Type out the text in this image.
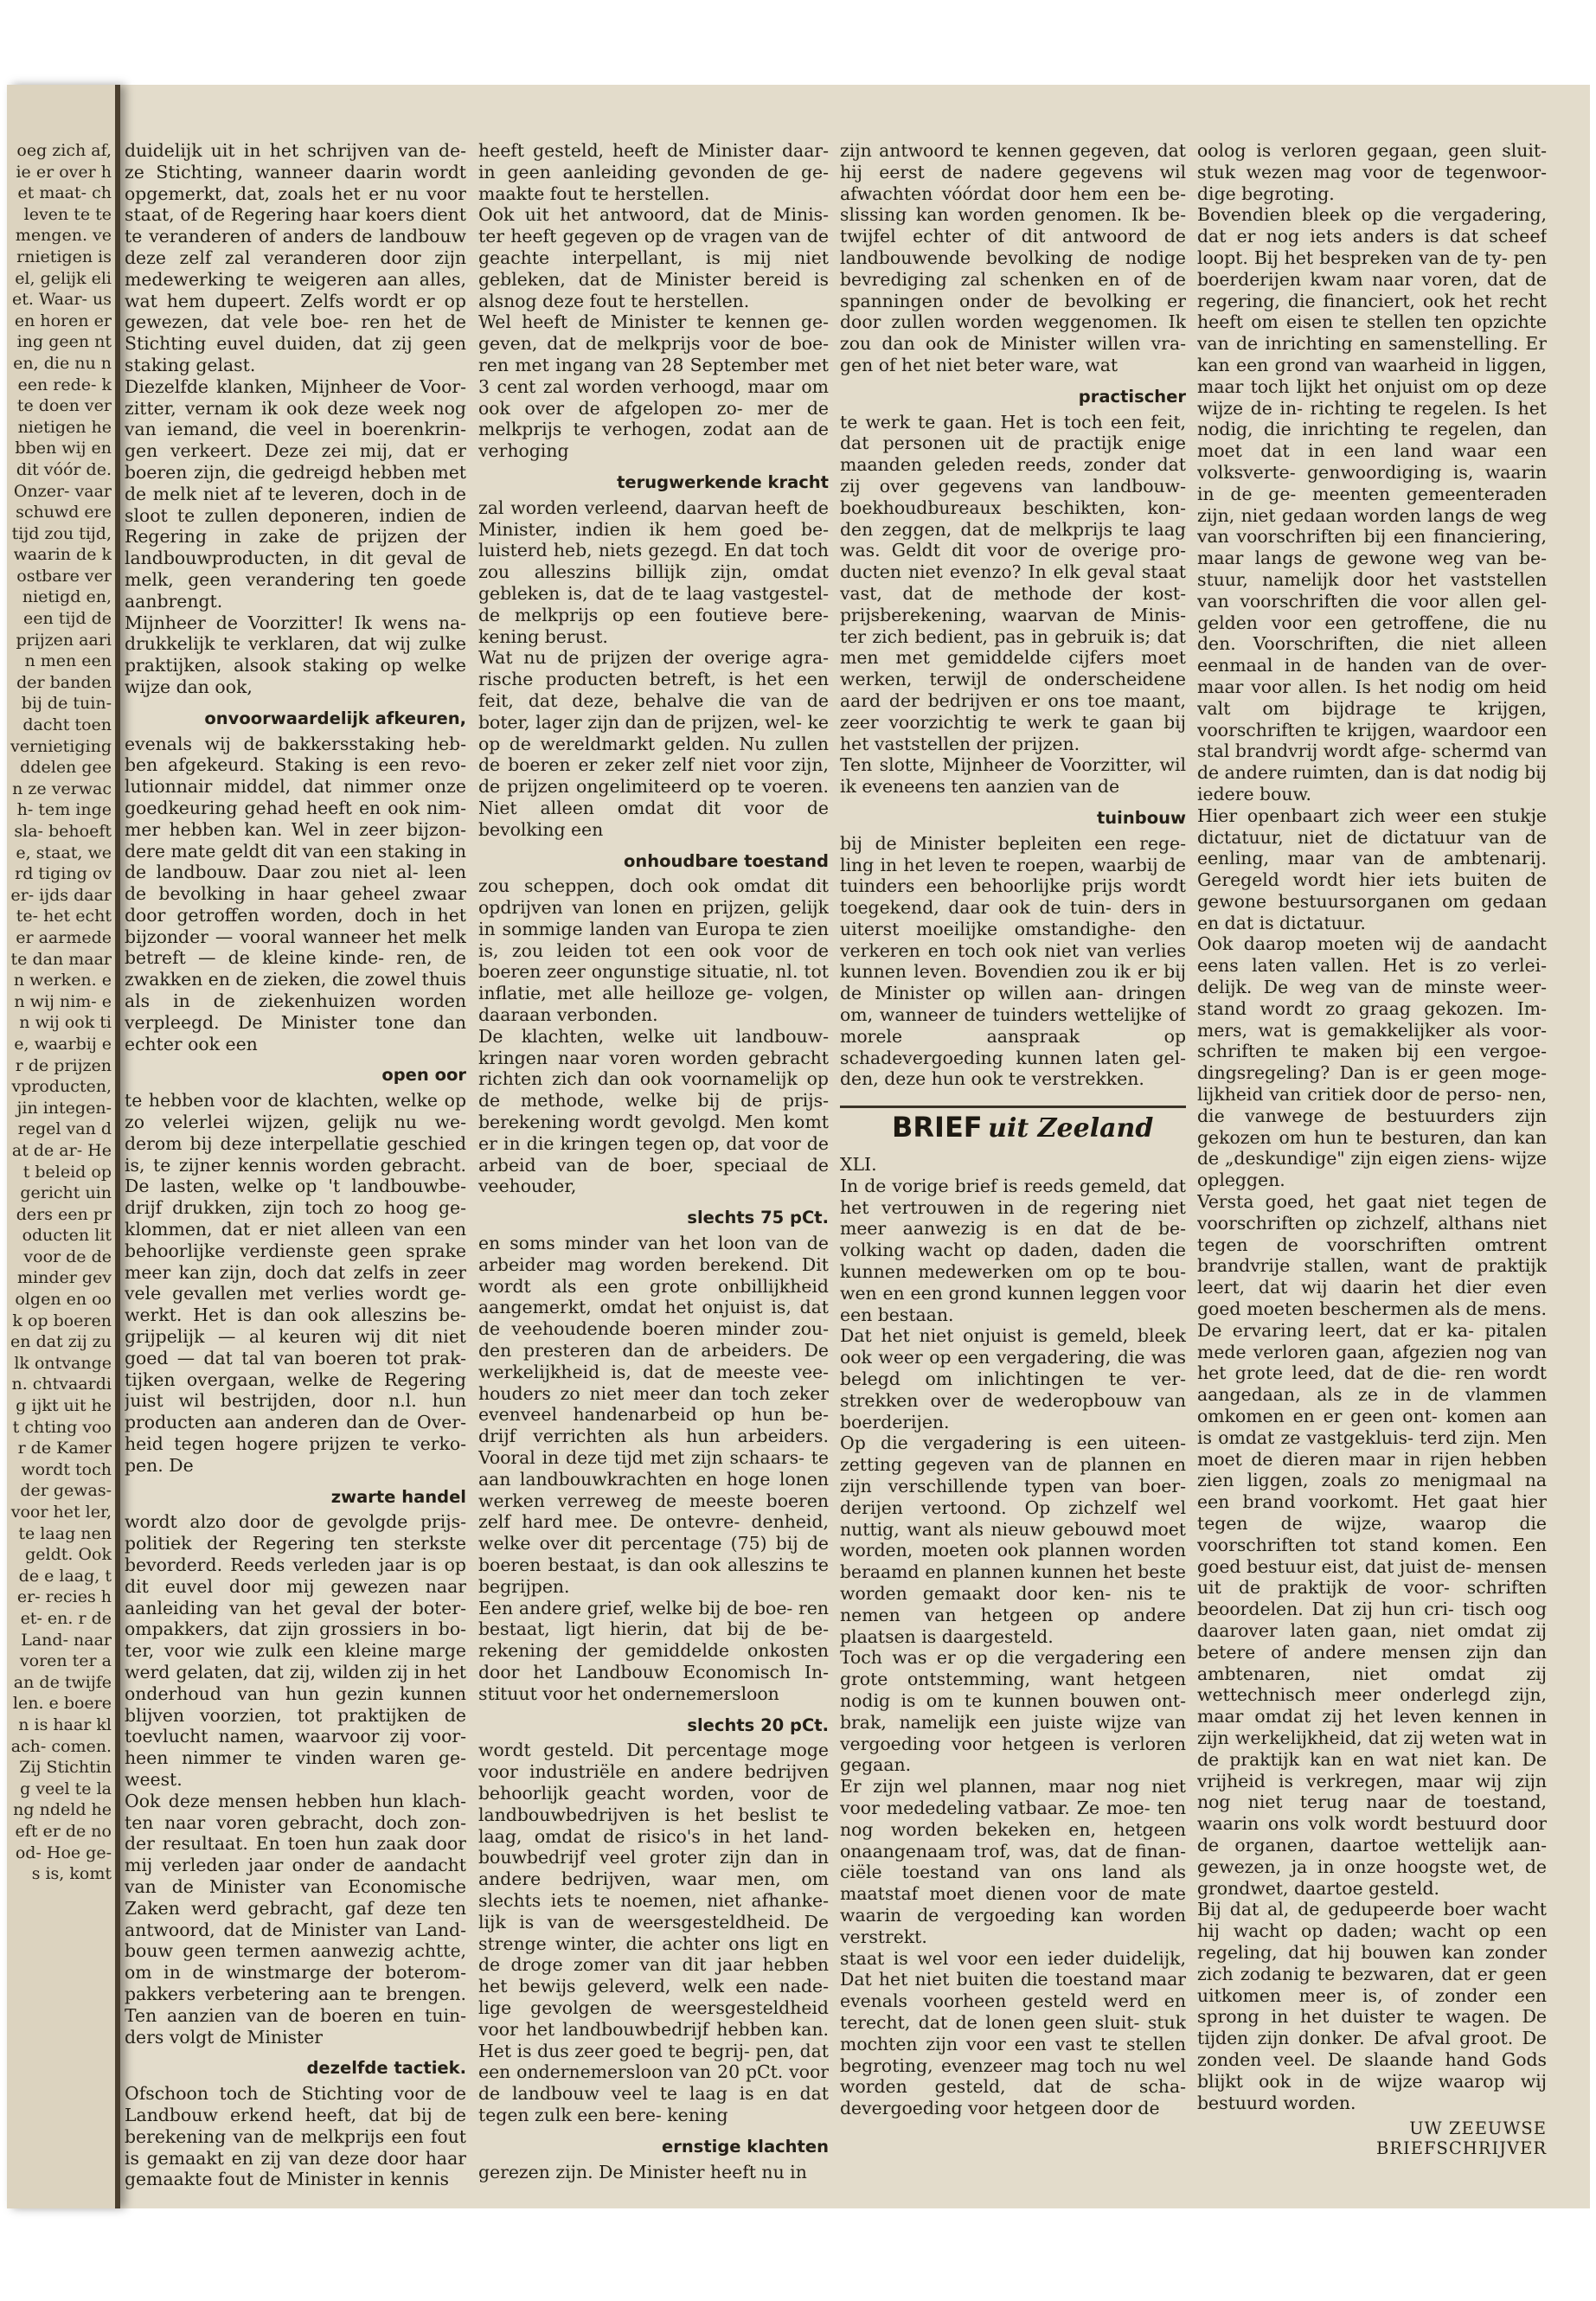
oeg zich af, ie er over het maat- ch leven te te mengen. vernietigen isel, gelijk eliet. Waar- usen horen ering geen nten, die nu n een rede- k te doen vernietigen hebben wij en dit vóór de. Onzer- vaarschuwd ere tijd zou tijd, waarin de kostbare vernietigd en, een tijd de prijzen aarin men een der banden bij de tuin- dacht toen vernietiging ddelen geen ze verwach- tem ingesla- behoefte, staat, werd tiging over- ijds daarte- het echter aarmede te dan maar n werken. en wij nim- en wij ook tie, waarbij er de prijzen vproducten, jin integen- regel van dat de ar- Het beleid op gericht uinders een producten lit voor de de minder gevolgen en ook op boeren en dat zij zulk ontvangen. chtvaardig ijkt uit het chting voor de Kamer wordt toch der gewas- voor het ler, te laag nen geldt. Ook de e laag, ter- recies het- en. r de Land- naar voren ter aan de twijfelen. e boeren is haar klach- comen. Zij Stichting veel te lang ndeld heeft er de nood- Hoe ge- s is, komt

duidelijk uit in het schrijven van de- ze Stichting, wanneer daarin wordt opgemerkt, dat, zoals het er nu voor staat, of de Regering haar koers dient te veranderen of anders de landbouw deze zelf zal veranderen door zijn medewerking te weigeren aan alles, wat hem dupeert. Zelfs wordt er op gewezen, dat vele boe- ren het de Stichting euvel duiden, dat zij geen staking gelast.

Diezelfde klanken, Mijnheer de Voor- zitter, vernam ik ook deze week nog van iemand, die veel in boerenkrin- gen verkeert. Deze zei mij, dat er boeren zijn, die gedreigd hebben met de melk niet af te leveren, doch in de sloot te zullen deponeren, indien de Regering in zake de prijzen der landbouwproducten, in dit geval de melk, geen verandering ten goede aanbrengt.

Mijnheer de Voorzitter! Ik wens na- drukkelijk te verklaren, dat wij zulke praktijken, alsook staking op welke wijze dan ook,

onvoorwaardelijk afkeuren,

evenals wij de bakkersstaking heb- ben afgekeurd. Staking is een revo- lutionnair middel, dat nimmer onze goedkeuring gehad heeft en ook nim- mer hebben kan. Wel in zeer bijzon- dere mate geldt dit van een staking in de landbouw. Daar zou niet al- leen de bevolking in haar geheel zwaar door getroffen worden, doch in het bijzonder — vooral wanneer het melk betreft — de kleine kinde- ren, de zwakken en de zieken, die zowel thuis als in de ziekenhuizen worden verpleegd. De Minister tone dan echter ook een

open oor

te hebben voor de klachten, welke op zo velerlei wijzen, gelijk nu we- derom bij deze interpellatie geschied is, te zijner kennis worden gebracht. De lasten, welke op 't landbouwbe- drijf drukken, zijn toch zo hoog ge- klommen, dat er niet alleen van een behoorlijke verdienste geen sprake meer kan zijn, doch dat zelfs in zeer vele gevallen met verlies wordt ge- werkt. Het is dan ook alleszins be- grijpelijk — al keuren wij dit niet goed — dat tal van boeren tot prak- tijken overgaan, welke de Regering juist wil bestrijden, door n.l. hun producten aan anderen dan de Over- heid tegen hogere prijzen te verko- pen. De

zwarte handel

wordt alzo door de gevolgde prijs- politiek der Regering ten sterkste bevorderd. Reeds verleden jaar is op dit euvel door mij gewezen naar aanleiding van het geval der boter- ompakkers, dat zijn grossiers in bo- ter, voor wie zulk een kleine marge werd gelaten, dat zij, wilden zij in het onderhoud van hun gezin kunnen blijven voorzien, tot praktijken de toevlucht namen, waarvoor zij voor- heen nimmer te vinden waren ge- weest.

Ook deze mensen hebben hun klach- ten naar voren gebracht, doch zon- der resultaat. En toen hun zaak door mij verleden jaar onder de aandacht van de Minister van Economische Zaken werd gebracht, gaf deze ten antwoord, dat de Minister van Land- bouw geen termen aanwezig achtte, om in de winstmarge der boterom- pakkers verbetering aan te brengen. Ten aanzien van de boeren en tuin- ders volgt de Minister

dezelfde tactiek.

Ofschoon toch de Stichting voor de Landbouw erkend heeft, dat bij de berekening van de melkprijs een fout is gemaakt en zij van deze door haar gemaakte fout de Minister in kennis

heeft gesteld, heeft de Minister daar- in geen aanleiding gevonden de ge- maakte fout te herstellen.

Ook uit het antwoord, dat de Minis- ter heeft gegeven op de vragen van de geachte interpellant, is mij niet gebleken, dat de Minister bereid is alsnog deze fout te herstellen.

Wel heeft de Minister te kennen ge- geven, dat de melkprijs voor de boe- ren met ingang van 28 September met 3 cent zal worden verhoogd, maar om ook over de afgelopen zo- mer de melkprijs te verhogen, zodat aan de verhoging

terugwerkende kracht

zal worden verleend, daarvan heeft de Minister, indien ik hem goed be- luisterd heb, niets gezegd. En dat toch zou alleszins billijk zijn, omdat gebleken is, dat de te laag vastgestel- de melkprijs op een foutieve bere- kening berust.

Wat nu de prijzen der overige agra- rische producten betreft, is het een feit, dat deze, behalve die van de boter, lager zijn dan de prijzen, wel- ke op de wereldmarkt gelden. Nu zullen de boeren er zeker zelf niet voor zijn, de prijzen ongelimiteerd op te voeren. Niet alleen omdat dit voor de bevolking een

onhoudbare toestand

zou scheppen, doch ook omdat dit opdrijven van lonen en prijzen, gelijk in sommige landen van Europa te zien is, zou leiden tot een ook voor de boeren zeer ongunstige situatie, nl. tot inflatie, met alle heilloze ge- volgen, daaraan verbonden.

De klachten, welke uit landbouw- kringen naar voren worden gebracht richten zich dan ook voornamelijk op de methode, welke bij de prijs- berekening wordt gevolgd. Men komt er in die kringen tegen op, dat voor de arbeid van de boer, speciaal de veehouder,

slechts 75 pCt.

en soms minder van het loon van de arbeider mag worden berekend. Dit wordt als een grote onbillijkheid aangemerkt, omdat het onjuist is, dat de veehoudende boeren minder zou- den presteren dan de arbeiders. De werkelijkheid is, dat de meeste vee- houders zo niet meer dan toch zeker evenveel handenarbeid op hun be- drijf verrichten als hun arbeiders. Vooral in deze tijd met zijn schaars- te aan landbouwkrachten en hoge lonen werken verreweg de meeste boeren zelf hard mee. De ontevre- denheid, welke over dit percentage (75) bij de boeren bestaat, is dan ook alleszins te begrijpen.

Een andere grief, welke bij de boe- ren bestaat, ligt hierin, dat bij de be- rekening der gemiddelde onkosten door het Landbouw Economisch In- stituut voor het ondernemersloon

slechts 20 pCt.

wordt gesteld. Dit percentage moge voor industriële en andere bedrijven behoorlijk geacht worden, voor de landbouwbedrijven is het beslist te laag, omdat de risico's in het land- bouwbedrijf veel groter zijn dan in andere bedrijven, waar men, om slechts iets te noemen, niet afhanke- lijk is van de weersgesteldheid. De strenge winter, die achter ons ligt en de droge zomer van dit jaar hebben het bewijs geleverd, welk een nade- lige gevolgen de weersgesteldheid voor het landbouwbedrijf hebben kan. Het is dus zeer goed te begrij- pen, dat een ondernemersloon van 20 pCt. voor de landbouw veel te laag is en dat tegen zulk een bere- kening

ernstige klachten

gerezen zijn. De Minister heeft nu in

zijn antwoord te kennen gegeven, dat hij eerst de nadere gegevens wil afwachten vóórdat door hem een be- slissing kan worden genomen. Ik be- twijfel echter of dit antwoord de landbouwende bevolking de nodige bevrediging zal schenken en of de spanningen onder de bevolking er door zullen worden weggenomen. Ik zou dan ook de Minister willen vra- gen of het niet beter ware, wat

practischer

te werk te gaan. Het is toch een feit, dat personen uit de practijk enige maanden geleden reeds, zonder dat zij over gegevens van landbouw- boekhoudbureaux beschikten, kon- den zeggen, dat de melkprijs te laag was. Geldt dit voor de overige pro- ducten niet evenzo? In elk geval staat vast, dat de methode der kost- prijsberekening, waarvan de Minis- ter zich bedient, pas in gebruik is; dat men met gemiddelde cijfers moet werken, terwijl de onderscheidene aard der bedrijven er ons toe maant, zeer voorzichtig te werk te gaan bij het vaststellen der prijzen.

Ten slotte, Mijnheer de Voorzitter, wil ik eveneens ten aanzien van de

tuinbouw

bij de Minister bepleiten een rege- ling in het leven te roepen, waarbij de tuinders een behoorlijke prijs wordt toegekend, daar ook de tuin- ders in uiterst moeilijke omstandighe- den verkeren en toch ook niet van verlies kunnen leven. Bovendien zou ik er bij de Minister op willen aan- dringen om, wanneer de tuinders wettelijke of morele aanspraak op schadevergoeding kunnen laten gel- den, deze hun ook te verstrekken.

BRIEF uit Zeeland

XLI.

In de vorige brief is reeds gemeld, dat het vertrouwen in de regering niet meer aanwezig is en dat de be- volking wacht op daden, daden die kunnen medewerken om op te bou- wen en een grond kunnen leggen voor een bestaan.

Dat het niet onjuist is gemeld, bleek ook weer op een vergadering, die was belegd om inlichtingen te ver- strekken over de wederopbouw van boerderijen.

Op die vergadering is een uiteen- zetting gegeven van de plannen en zijn verschillende typen van boer- derijen vertoond. Op zichzelf wel nuttig, want als nieuw gebouwd moet worden, moeten ook plannen worden beraamd en plannen kunnen het beste worden gemaakt door ken- nis te nemen van hetgeen op andere plaatsen is daargesteld.

Toch was er op die vergadering een grote ontstemming, want hetgeen nodig is om te kunnen bouwen ont- brak, namelijk een juiste wijze van vergoeding voor hetgeen is verloren gegaan.

Er zijn wel plannen, maar nog niet voor mededeling vatbaar. Ze moe- ten nog worden bekeken en, hetgeen onaangenaam trof, was, dat de finan- ciële toestand van ons land als maatstaf moet dienen voor de mate waarin de vergoeding kan worden verstrekt.

staat is wel voor een ieder duidelijk, Dat het niet buiten die toestand maar evenals voorheen gesteld werd en terecht, dat de lonen geen sluit- stuk mochten zijn voor een vast te stellen begroting, evenzeer mag toch nu wel worden gesteld, dat de scha- devergoeding voor hetgeen door de

oolog is verloren gegaan, geen sluit- stuk wezen mag voor de tegenwoor- dige begroting.

Bovendien bleek op die vergadering, dat er nog iets anders is dat scheef loopt. Bij het bespreken van de ty- pen boerderijen kwam naar voren, dat de regering, die financiert, ook het recht heeft om eisen te stellen ten opzichte van de inrichting en samenstelling. Er kan een grond van waarheid in liggen, maar toch lijkt het onjuist om op deze wijze de in- richting te regelen. Is het nodig, die inrichting te regelen, dan moet dat in een land waar een volksverte- genwoordiging is, waarin in de ge- meenten gemeenteraden zijn, niet gedaan worden langs de weg van voorschriften bij een financiering, maar langs de gewone weg van be- stuur, namelijk door het vaststellen van voorschriften die voor allen gel- gelden voor een getroffene, die nu den. Voorschriften, die niet alleen eenmaal in de handen van de over- maar voor allen. Is het nodig om heid valt om bijdrage te krijgen, voorschriften te krijgen, waardoor een stal brandvrij wordt afge- schermd van de andere ruimten, dan is dat nodig bij iedere bouw.

Hier openbaart zich weer een stukje dictatuur, niet de dictatuur van de eenling, maar van de ambtenarij. Geregeld wordt hier iets buiten de gewone bestuursorganen om gedaan en dat is dictatuur.

Ook daarop moeten wij de aandacht eens laten vallen. Het is zo verlei- delijk. De weg van de minste weer- stand wordt zo graag gekozen. Im- mers, wat is gemakkelijker als voor- schriften te maken bij een vergoe- dingsregeling? Dan is er geen moge- lijkheid van critiek door de perso- nen, die vanwege de bestuurders zijn gekozen om hun te besturen, dan kan de „deskundige" zijn eigen ziens- wijze opleggen.

Versta goed, het gaat niet tegen de voorschriften op zichzelf, althans niet tegen de voorschriften omtrent brandvrije stallen, want de praktijk leert, dat wij daarin het dier even goed moeten beschermen als de mens. De ervaring leert, dat er ka- pitalen mede verloren gaan, afgezien nog van het grote leed, dat de die- ren wordt aangedaan, als ze in de vlammen omkomen en er geen ont- komen aan is omdat ze vastgekluis- terd zijn. Men moet de dieren maar in rijen hebben zien liggen, zoals zo menigmaal na een brand voorkomt. Het gaat hier tegen de wijze, waarop die voorschriften tot stand komen. Een goed bestuur eist, dat juist de- mensen uit de praktijk de voor- schriften beoordelen. Dat zij hun cri- tisch oog daarover laten gaan, niet omdat zij betere of andere mensen zijn dan ambtenaren, niet omdat zij wettechnisch meer onderlegd zijn, maar omdat zij het leven kennen in zijn werkelijkheid, dat zij weten wat in de praktijk kan en wat niet kan. De vrijheid is verkregen, maar wij zijn nog niet terug naar de toestand, waarin ons volk wordt bestuurd door de organen, daartoe wettelijk aan- gewezen, ja in onze hoogste wet, de grondwet, daartoe gesteld.

Bij dat al, de gedupeerde boer wacht hij wacht op daden; wacht op een regeling, dat hij bouwen kan zonder zich zodanig te bezwaren, dat er geen uitkomen meer is, of zonder een sprong in het duister te wagen. De tijden zijn donker. De afval groot. De zonden veel. De slaande hand Gods blijkt ook in de wijze waarop wij bestuurd worden.

UW ZEEUWSE
BRIEFSCHRIJVER
